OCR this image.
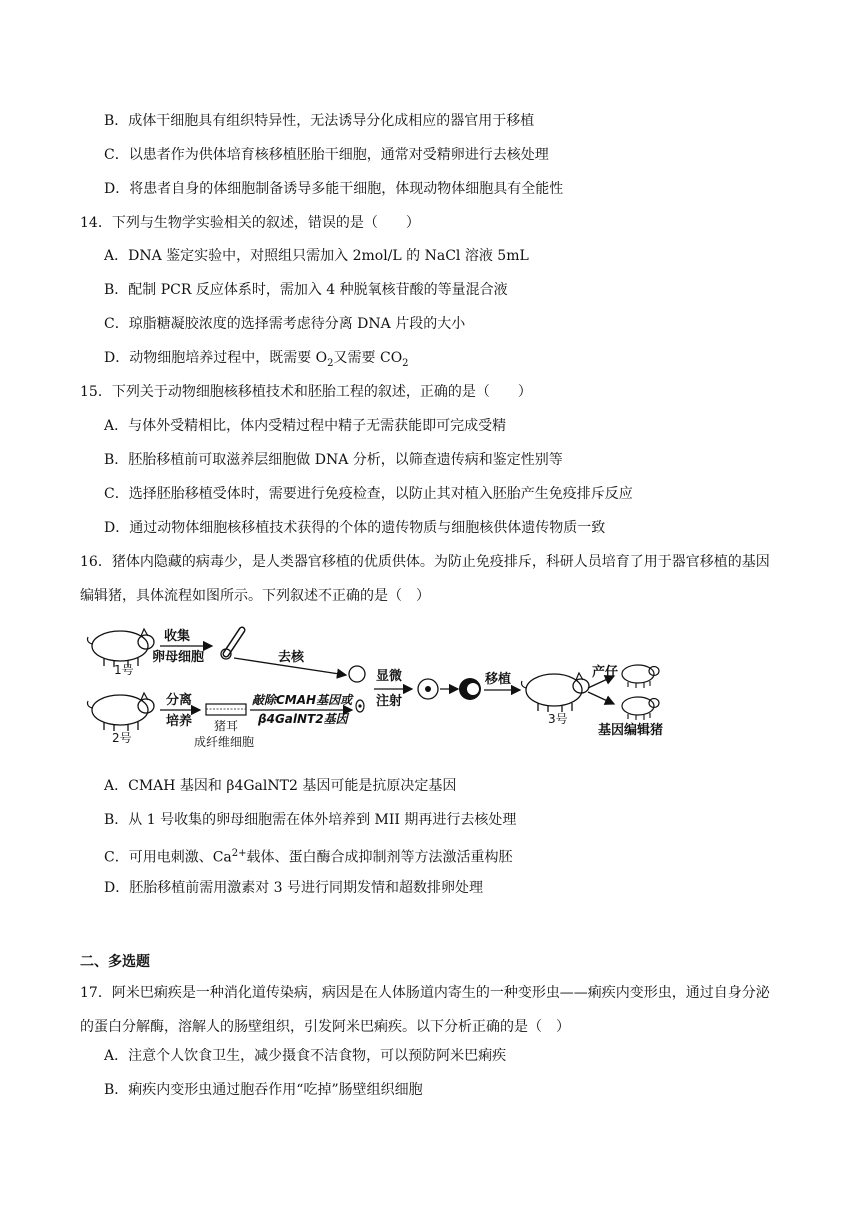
B．成体干细胞具有组织特异性，无法诱导分化成相应的器官用于移植
C．以患者作为供体培育核移植胚胎干细胞，通常对受精卵进行去核处理
D．将患者自身的体细胞制备诱导多能干细胞，体现动物体细胞具有全能性
14．下列与生物学实验相关的叙述，错误的是（　　）
A．DNA 鉴定实验中，对照组只需加入 2mol/L 的 NaCl 溶液 5mL
B．配制 PCR 反应体系时，需加入 4 种脱氧核苷酸的等量混合液
C．琼脂糖凝胶浓度的选择需考虑待分离 DNA 片段的大小
D．动物细胞培养过程中，既需要 $O_2$又需要 $CO_2$
15．下列关于动物细胞核移植技术和胚胎工程的叙述，正确的是（　　）
A．与体外受精相比，体内受精过程中精子无需获能即可完成受精
B．胚胎移植前可取滋养层细胞做 DNA 分析，以筛查遗传病和鉴定性别等
C．选择胚胎移植受体时，需要进行免疫检查，以防止其对植入胚胎产生免疫排斥反应
D．通过动物体细胞核移植技术获得的个体的遗传物质与细胞核供体遗传物质一致
16．猪体内隐藏的病毒少，是人类器官移植的优质供体。为防止免疫排斥，科研人员培育了用于器官移植的基因编辑猪，具体流程如图所示。下列叙述不正确的是（　）
1号
收集
卵母细胞	去核
2号
分离
培养 猪耳
成纤维细胞
敲除CMAH基因或
β4GalNT2基因
显微
注射
移植
3号
产仔
基因编辑猪
A．CMAH 基因和 β4GalNT2 基因可能是抗原决定基因
B．从 1 号收集的卵母细胞需在体外培养到 MII 期再进行去核处理
C．可用电刺激、$Ca^{2+}$载体、蛋白酶合成抑制剂等方法激活重构胚
D．胚胎移植前需用激素对 3 号进行同期发情和超数排卵处理
二、多选题
17．阿米巴痢疾是一种消化道传染病，病因是在人体肠道内寄生的一种变形虫——痢疾内变形虫，通过自身分泌的蛋白分解酶，溶解人的肠壁组织，引发阿米巴痢疾。以下分析正确的是（　）
A．注意个人饮食卫生，减少摄食不洁食物，可以预防阿米巴痢疾
B．痢疾内变形虫通过胞吞作用“吃掉”肠壁组织细胞
